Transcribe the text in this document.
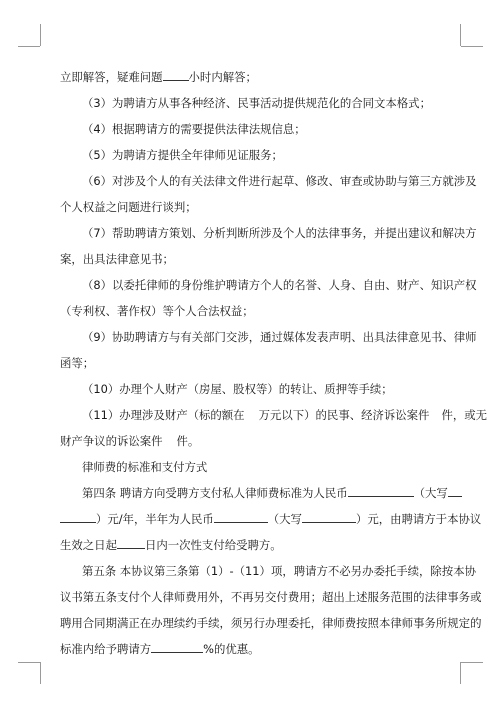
立即解答，疑难问题 小时内解答；

（3）为聘请方从事各种经济、民事活动提供规范化的合同文本格式；

（4）根据聘请方的需要提供法律法规信息；

（5）为聘请方提供全年律师见证服务；

（6）对涉及个人的有关法律文件进行起草、修改、审查或协助与第三方就涉及

个人权益之问题进行谈判；

（7）帮助聘请方策划、分析判断所涉及个人的法律事务，并提出建议和解决方

案，出具法律意见书；

（8）以委托律师的身份维护聘请方个人的名誉、人身、自由、财产、知识产权

（专利权、著作权）等个人合法权益；

（9）协助聘请方与有关部门交涉，通过媒体发表声明、出具法律意见书、律师

函等；

（10）办理个人财产（房屋、股权等）的转让、质押等手续；

（11）办理涉及财产（标的额在 万元以下）的民事、经济诉讼案件 件，或无

财产争议的诉讼案件 件。

律师费的标准和支付方式

第四条 聘请方向受聘方支付私人律师费标准为人民币	（大写

）元/年，半年为人民币	（大写	）元，由聘请方于本协议

生效之日起 日内一次性支付给受聘方。

第五条 本协议第三条第（1）-（11）项，聘请方不必另办委托手续，除按本协

议书第五条支付个人律师费用外，不再另交付费用；超出上述服务范围的法律事务或

聘用合同期满正在办理续约手续，须另行办理委托，律师费按照本律师事务所规定的

标准内给予聘请方	%的优惠。
